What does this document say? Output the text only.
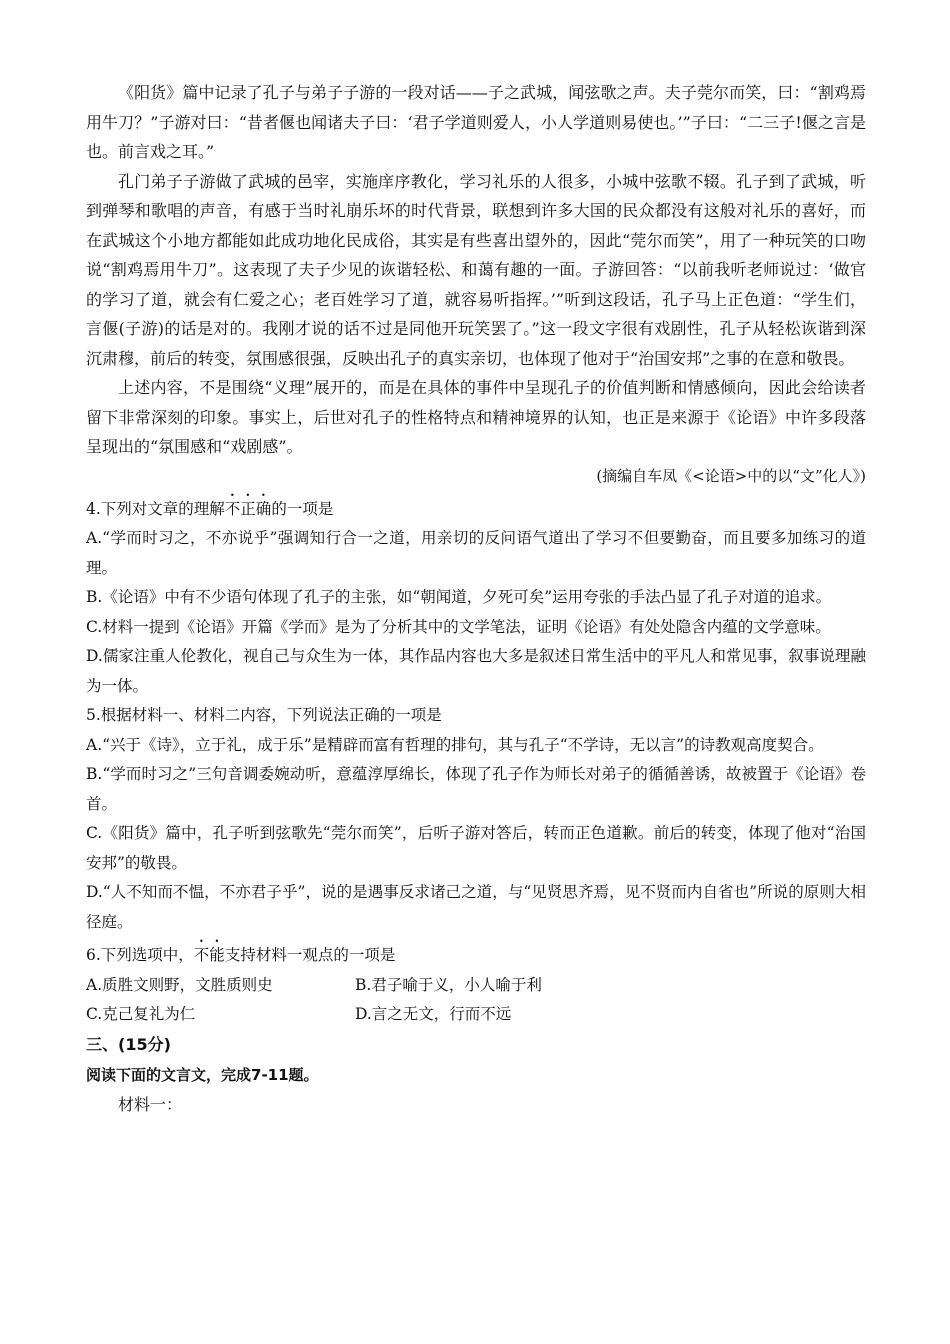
《阳货》篇中记录了孔子与弟子子游的一段对话——子之武城，闻弦歌之声。夫子莞尔而笑，曰：“割鸡焉用牛刀？”子游对曰：“昔者偃也闻诸夫子曰：‘君子学道则爱人，小人学道则易使也。’”子曰：“二三子!偃之言是也。前言戏之耳。”

孔门弟子子游做了武城的邑宰，实施庠序教化，学习礼乐的人很多，小城中弦歌不辍。孔子到了武城，听到弹琴和歌唱的声音，有感于当时礼崩乐坏的时代背景，联想到许多大国的民众都没有这般对礼乐的喜好，而在武城这个小地方都能如此成功地化民成俗，其实是有些喜出望外的，因此“莞尔而笑”，用了一种玩笑的口吻说“割鸡焉用牛刀”。这表现了夫子少见的诙谐轻松、和蔼有趣的一面。子游回答：“以前我听老师说过：‘做官的学习了道，就会有仁爱之心；老百姓学习了道，就容易听指挥。’”听到这段话，孔子马上正色道：“学生们，言偃(子游)的话是对的。我刚才说的话不过是同他开玩笑罢了。”这一段文字很有戏剧性，孔子从轻松诙谐到深沉肃穆，前后的转变，氛围感很强，反映出孔子的真实亲切，也体现了他对于“治国安邦”之事的在意和敬畏。

上述内容，不是围绕“义理”展开的，而是在具体的事件中呈现孔子的价值判断和情感倾向，因此会给读者留下非常深刻的印象。事实上，后世对孔子的性格特点和精神境界的认知，也正是来源于《论语》中许多段落呈现出的“氛围感和“戏剧感”。

(摘编自车凤《<论语>中的以“文”化人》)

4.下列对文章的理解不正确的一项是

A.“学而时习之，不亦说乎”强调知行合一之道，用亲切的反问语气道出了学习不但要勤奋，而且要多加练习的道理。

B.《论语》中有不少语句体现了孔子的主张，如“朝闻道，夕死可矣”运用夸张的手法凸显了孔子对道的追求。

C.材料一提到《论语》开篇《学而》是为了分析其中的文学笔法，证明《论语》有处处隐含内蕴的文学意味。

D.儒家注重人伦教化，视自己与众生为一体，其作品内容也大多是叙述日常生活中的平凡人和常见事，叙事说理融为一体。

5.根据材料一、材料二内容，下列说法正确的一项是

A.“兴于《诗》，立于礼，成于乐”是精辟而富有哲理的排句，其与孔子“不学诗，无以言”的诗教观高度契合。

B.“学而时习之”三句音调委婉动听，意蕴淳厚绵长，体现了孔子作为师长对弟子的循循善诱，故被置于《论语》卷首。

C.《阳货》篇中，孔子听到弦歌先“莞尔而笑”，后听子游对答后，转而正色道歉。前后的转变，体现了他对“治国安邦”的敬畏。

D.“人不知而不愠，不亦君子乎”，说的是遇事反求诸己之道，与“见贤思齐焉，见不贤而内自省也”所说的原则大相径庭。

6.下列选项中，不能支持材料一观点的一项是

A.质胜文则野，文胜质则史	B.君子喻于义，小人喻于利
C.克己复礼为仁	D.言之无文，行而不远

三、(15分)

阅读下面的文言文，完成7-11题。

材料一：
